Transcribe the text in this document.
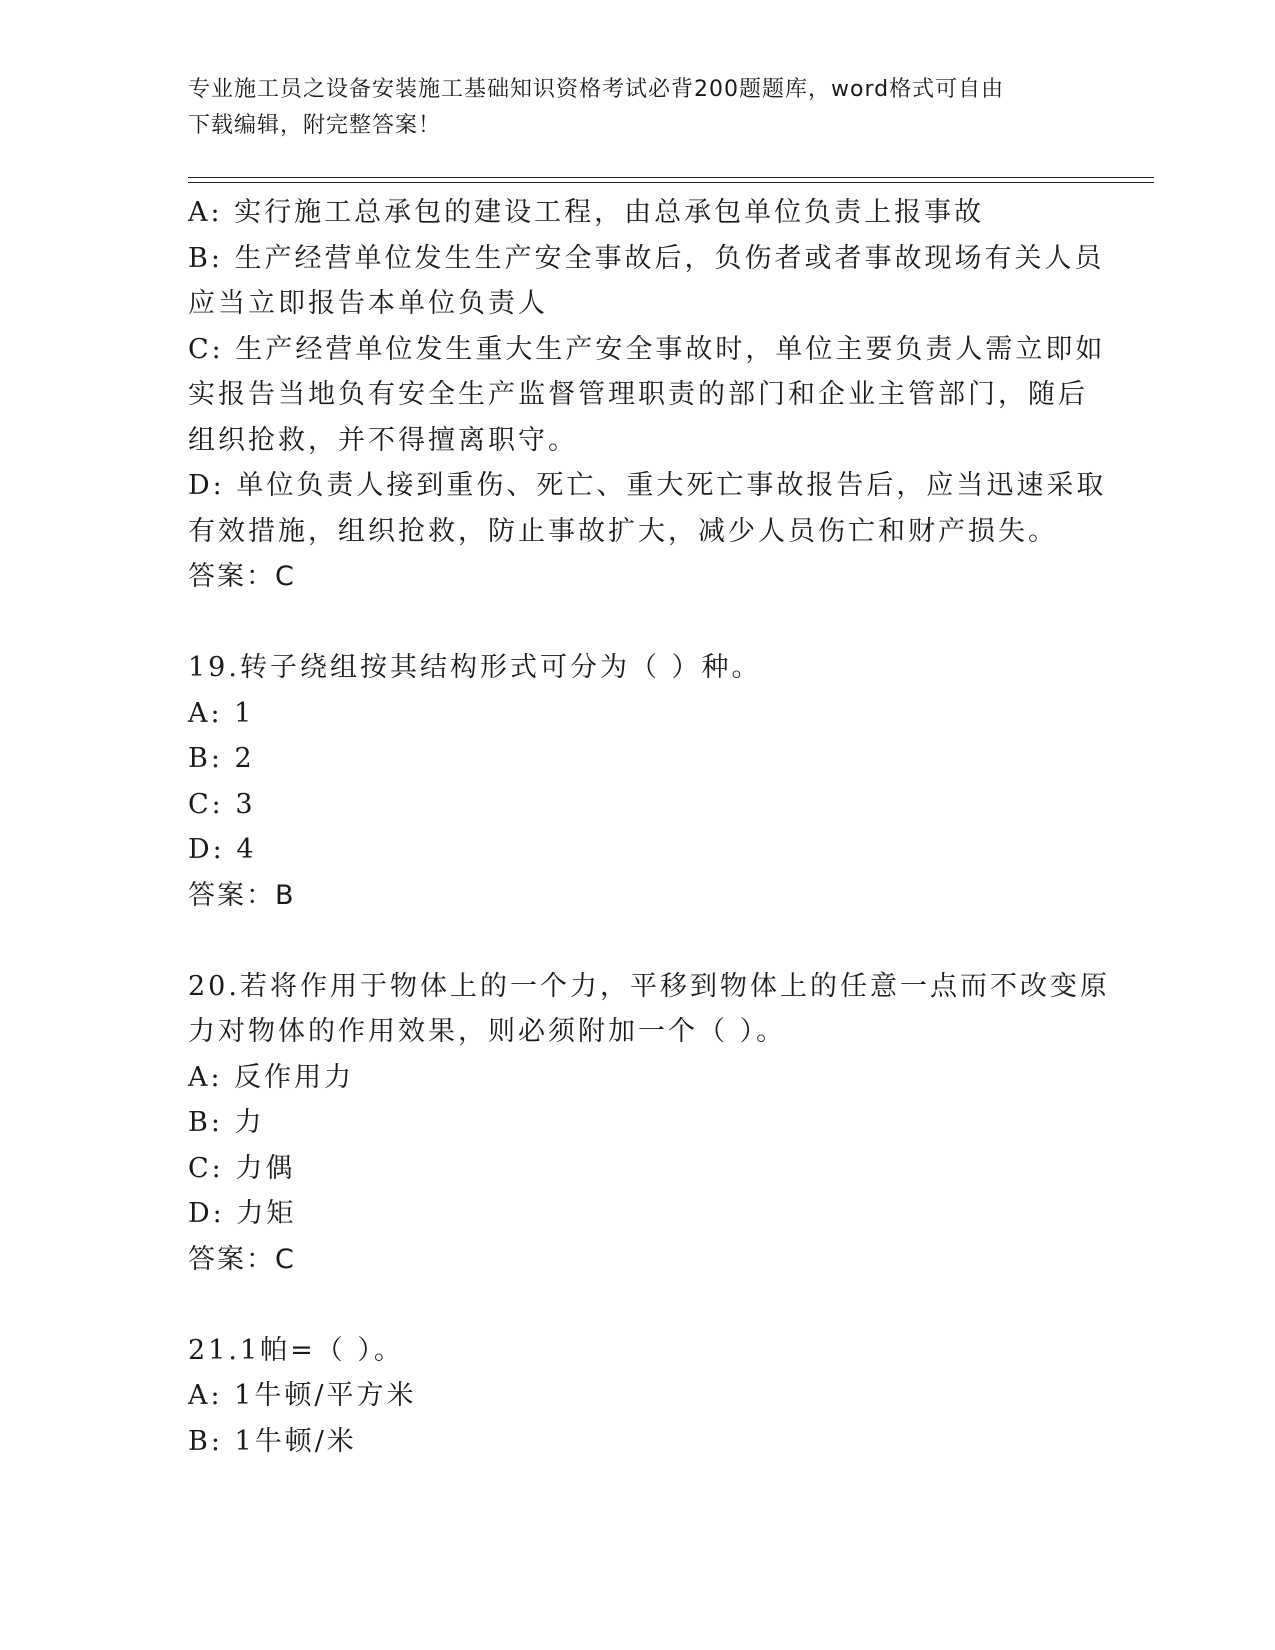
专业施工员之设备安装施工基础知识资格考试必背200题题库，word格式可自由
下载编辑，附完整答案！
A: 实行施工总承包的建设工程，由总承包单位负责上报事故
B: 生产经营单位发生生产安全事故后，负伤者或者事故现场有关人员
应当立即报告本单位负责人
C: 生产经营单位发生重大生产安全事故时，单位主要负责人需立即如
实报告当地负有安全生产监督管理职责的部门和企业主管部门，随后
组织抢救，并不得擅离职守。
D: 单位负责人接到重伤、死亡、重大死亡事故报告后，应当迅速采取
有效措施，组织抢救，防止事故扩大，减少人员伤亡和财产损失。
答案：C
19.转子绕组按其结构形式可分为（ ）种。
A: 1
B: 2
C: 3
D: 4
答案：B
20.若将作用于物体上的一个力，平移到物体上的任意一点而不改变原
力对物体的作用效果，则必须附加一个（ ）。
A: 反作用力
B: 力
C: 力偶
D: 力矩
答案：C
21.1帕=（ ）。
A: 1牛顿/平方米
B: 1牛顿/米
